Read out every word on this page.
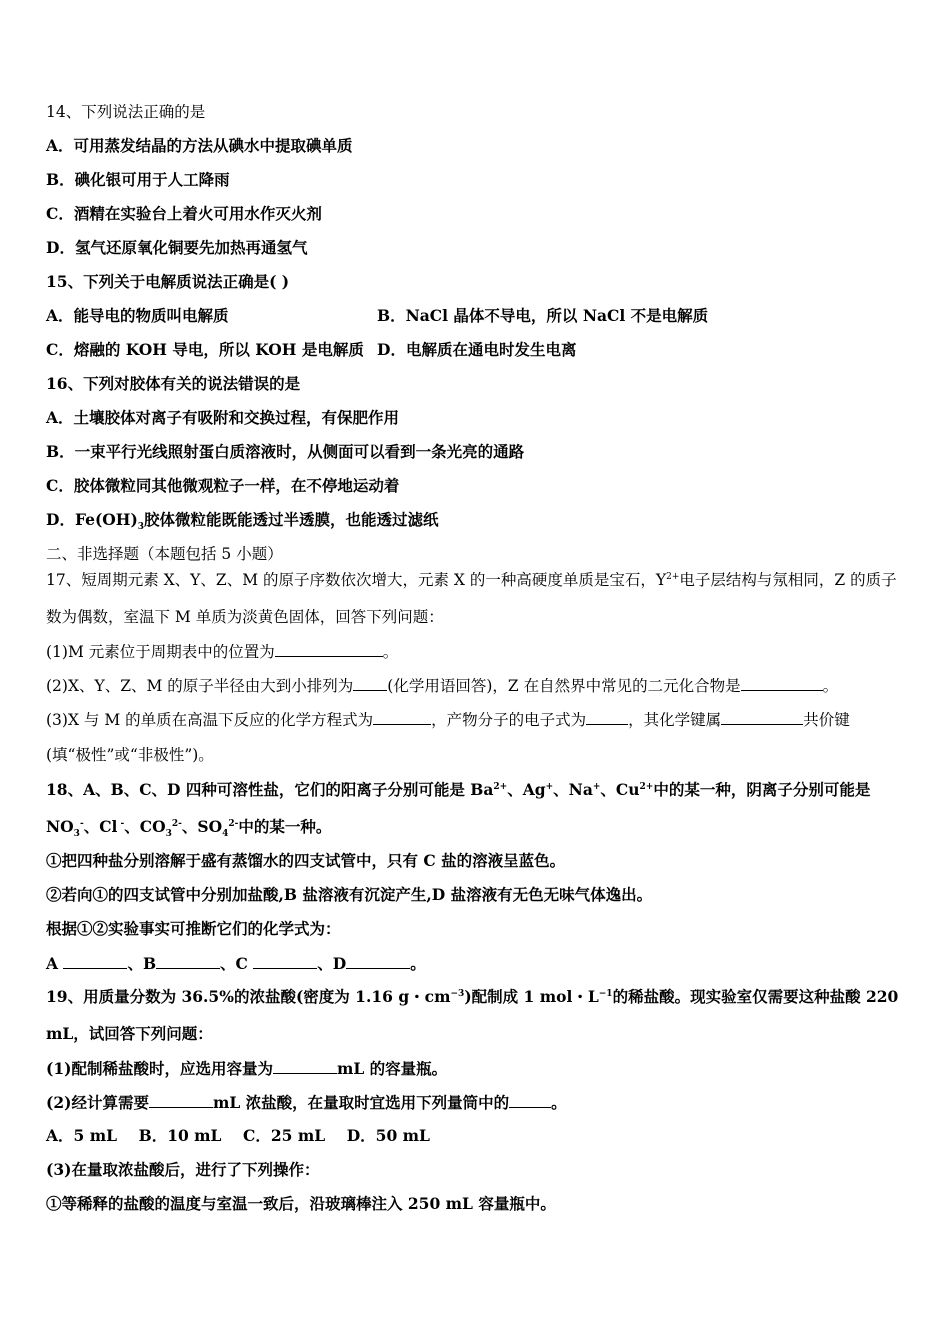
14、下列说法正确的是
A．可用蒸发结晶的方法从碘水中提取碘单质
B．碘化银可用于人工降雨
C．酒精在实验台上着火可用水作灭火剂
D．氢气还原氧化铜要先加热再通氢气
15、下列关于电解质说法正确是( )
A．能导电的物质叫电解质	B．NaCl 晶体不导电，所以 NaCl 不是电解质
C．熔融的 KOH 导电，所以 KOH 是电解质 D．电解质在通电时发生电离
16、下列对胶体有关的说法错误的是
A．土壤胶体对离子有吸附和交换过程，有保肥作用
B．一束平行光线照射蛋白质溶液时，从侧面可以看到一条光亮的通路
C．胶体微粒同其他微观粒子一样，在不停地运动着
D．$Fe(OH)_3$胶体微粒能既能透过半透膜，也能透过滤纸
二、非选择题（本题包括 5 小题）
17、短周期元素 X、Y、Z、M 的原子序数依次增大，元素 X 的一种高硬度单质是宝石，$Y^{2+}$电子层结构与氖相同，Z 的质子
数为偶数，室温下 M 单质为淡黄色固体，回答下列问题：
(1)M 元素位于周期表中的位置为	。
(2)X、Y、Z、M 的原子半径由大到小排列为 (化学用语回答)，Z 在自然界中常见的二元化合物是	。
(3)X 与 M 的单质在高温下反应的化学方程式为	，产物分子的电子式为	，其化学键属	共价键
(填“极性”或“非极性”)。
18、A、B、C、D 四种可溶性盐，它们的阳离子分别可能是 $Ba^{2+}$、Ag+、Na+、$Cu^{2+}$中的某一种，阴离子分别可能是
$NO_3^-$、Cl -、$CO_3^{2-}$、$SO_4^{2-}$中的某一种。
①把四种盐分别溶解于盛有蒸馏水的四支试管中，只有 C 盐的溶液呈蓝色。
②若向①的四支试管中分别加盐酸,B 盐溶液有沉淀产生,D 盐溶液有无色无味气体逸出。
根据①②实验事实可推断它们的化学式为：
A	、B	、C	、D	。
19、用质量分数为 36.5%的浓盐酸(密度为 1.16 g・$cm^{-3}$)配制成 1 mol・$L^{-1}$的稀盐酸。现实验室仅需要这种盐酸 220
mL，试回答下列问题：
(1)配制稀盐酸时，应选用容量为	mL 的容量瓶。
(2)经计算需要	mL 浓盐酸，在量取时宜选用下列量筒中的	。
A．5 mL    B．10 mL    C．25 mL    D．50 mL
(3)在量取浓盐酸后，进行了下列操作：
①等稀释的盐酸的温度与室温一致后，沿玻璃棒注入 250 mL 容量瓶中。
